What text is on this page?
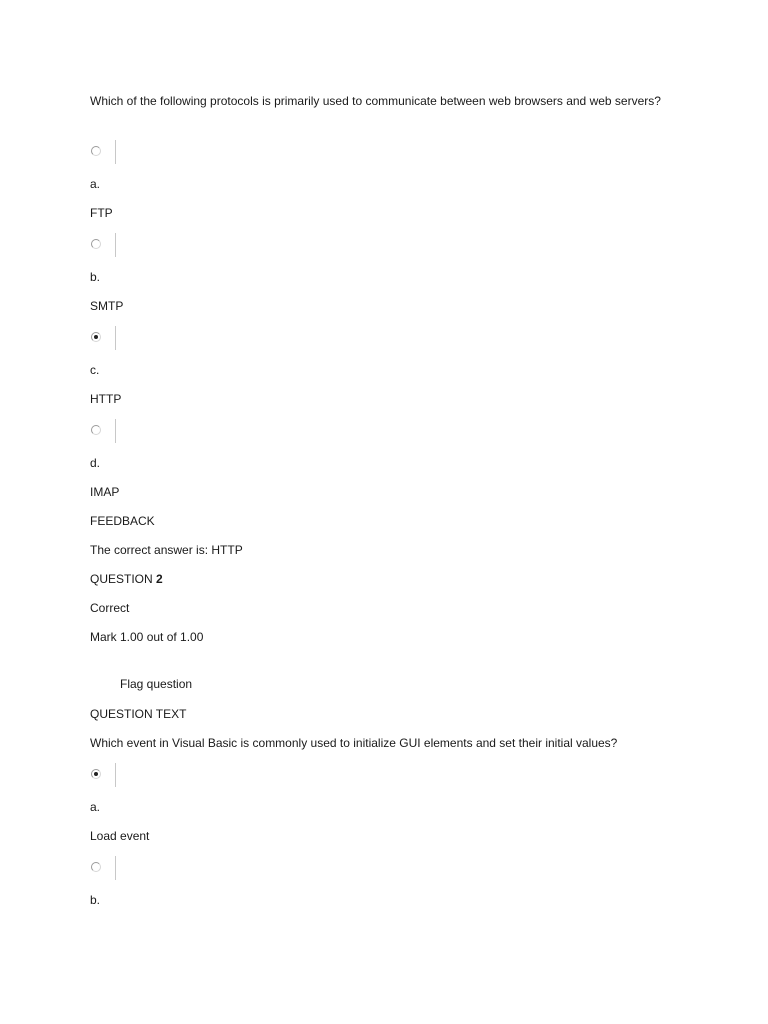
Which of the following protocols is primarily used to communicate between web browsers and web servers?
a.
FTP
b.
SMTP
c.
HTTP
d.
IMAP
FEEDBACK
The correct answer is: HTTP
QUESTION 2
Correct
Mark 1.00 out of 1.00
Flag question
QUESTION TEXT
Which event in Visual Basic is commonly used to initialize GUI elements and set their initial values?
a.
Load event
b.
